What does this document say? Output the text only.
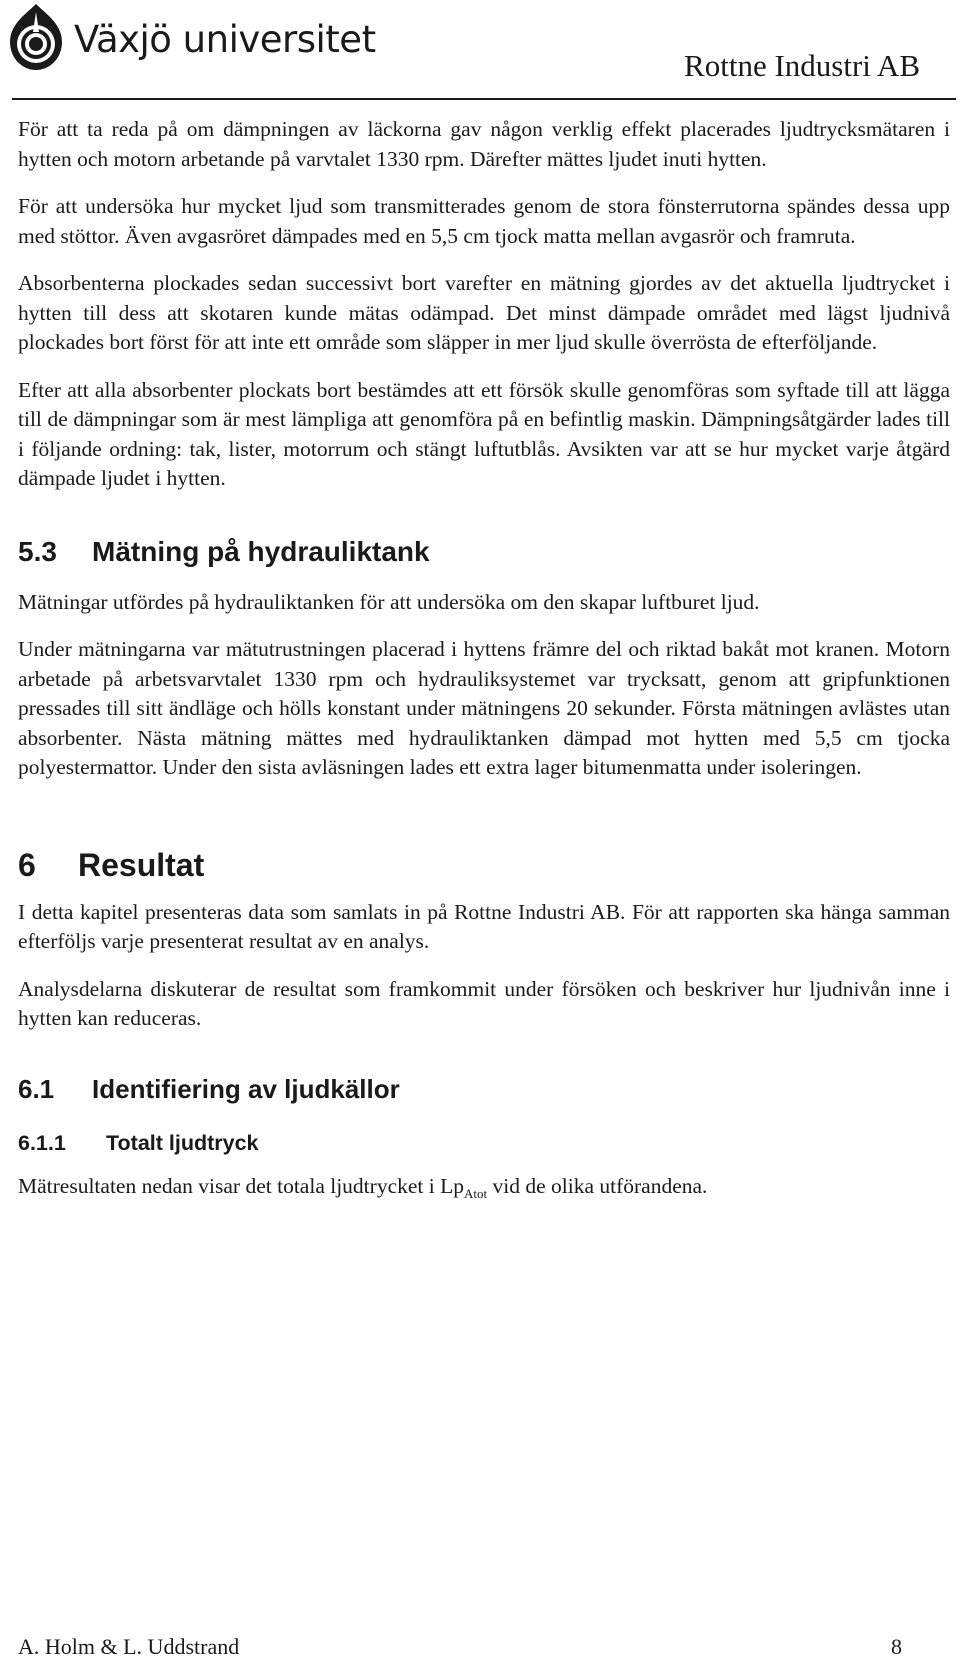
Växjö universitet
Rottne Industri AB

För att ta reda på om dämpningen av läckorna gav någon verklig effekt placerades ljudtrycksmätaren i hytten och motorn arbetande på varvtalet 1330 rpm. Därefter mättes ljudet inuti hytten.

För att undersöka hur mycket ljud som transmitterades genom de stora fönsterrutorna spändes dessa upp med stöttor. Även avgasröret dämpades med en 5,5 cm tjock matta mellan avgasrör och framruta.

Absorbenterna plockades sedan successivt bort varefter en mätning gjordes av det aktuella ljudtrycket i hytten till dess att skotaren kunde mätas odämpad. Det minst dämpade området med lägst ljudnivå plockades bort först för att inte ett område som släpper in mer ljud skulle överrösta de efterföljande.

Efter att alla absorbenter plockats bort bestämdes att ett försök skulle genomföras som syftade till att lägga till de dämpningar som är mest lämpliga att genomföra på en befintlig maskin. Dämpningsåtgärder lades till i följande ordning: tak, lister, motorrum och stängt luftutblås. Avsikten var att se hur mycket varje åtgärd dämpade ljudet i hytten.

5.3 Mätning på hydrauliktank

Mätningar utfördes på hydrauliktanken för att undersöka om den skapar luftburet ljud.

Under mätningarna var mätutrustningen placerad i hyttens främre del och riktad bakåt mot kranen. Motorn arbetade på arbetsvarvtalet 1330 rpm och hydrauliksystemet var trycksatt, genom att gripfunktionen pressades till sitt ändläge och hölls konstant under mätningens 20 sekunder. Första mätningen avlästes utan absorbenter. Nästa mätning mättes med hydrauliktanken dämpad mot hytten med 5,5 cm tjocka polyestermattor. Under den sista avläsningen lades ett extra lager bitumenmatta under isoleringen.

6 Resultat

I detta kapitel presenteras data som samlats in på Rottne Industri AB. För att rapporten ska hänga samman efterföljs varje presenterat resultat av en analys.

Analysdelarna diskuterar de resultat som framkommit under försöken och beskriver hur ljudnivån inne i hytten kan reduceras.

6.1 Identifiering av ljudkällor
6.1.1 Totalt ljudtryck

Mätresultaten nedan visar det totala ljudtrycket i $Lp_{Atot}$ vid de olika utförandena.

A. Holm & L. Uddstrand	8
